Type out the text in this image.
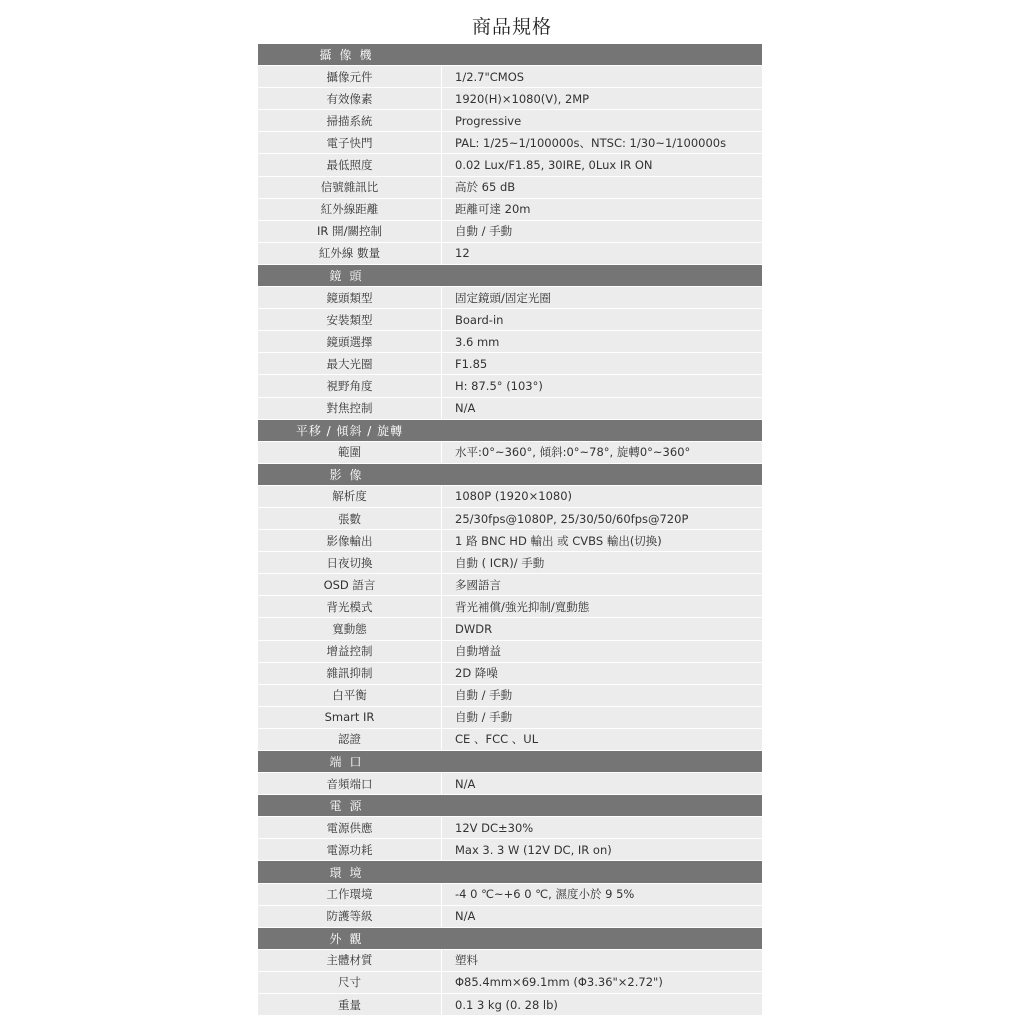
商品規格
攝像機
攝像元件	1/2.7"CMOS
有效像素	1920(H)×1080(V), 2MP
掃描系統	Progressive
電子快門	PAL: 1/25~1/100000s、NTSC: 1/30~1/100000s
最低照度	0.02 Lux/F1.85, 30IRE, 0Lux IR ON
信號雜訊比	高於 65 dB
紅外線距離	距離可達 20m
IR 開/關控制	自動 / 手動
紅外線 數量	12
鏡頭
鏡頭類型	固定鏡頭/固定光圈
安裝類型	Board-in
鏡頭選擇	3.6 mm
最大光圈	F1.85
視野角度	H: 87.5° (103°)
對焦控制	N/A
平移 / 傾斜 / 旋轉
範圍	水平:0°~360°, 傾斜:0°~78°, 旋轉0°~360°
影像
解析度	1080P (1920×1080)
張數	25/30fps@1080P, 25/30/50/60fps@720P
影像輸出	1 路 BNC HD 輸出 或 CVBS 輸出(切換)
日夜切換	自動 ( ICR)/ 手動
OSD 語言	多國語言
背光模式	背光補償/強光抑制/寬動態
寬動態	DWDR
增益控制	自動增益
雜訊抑制	2D 降噪
白平衡	自動 / 手動
Smart IR	自動 / 手動
認證	CE 、FCC 、UL
端口
音頻端口	N/A
電源
電源供應	12V DC±30%
電源功耗	Max 3. 3 W (12V DC, IR on)
環境
工作環境	-4 0 ℃~+6 0 ℃, 濕度小於 9 5%
防護等級	N/A
外觀
主體材質	塑料
尺寸	Φ85.4mm×69.1mm (Φ3.36"×2.72")
重量	0.1 3 kg (0. 28 lb)
